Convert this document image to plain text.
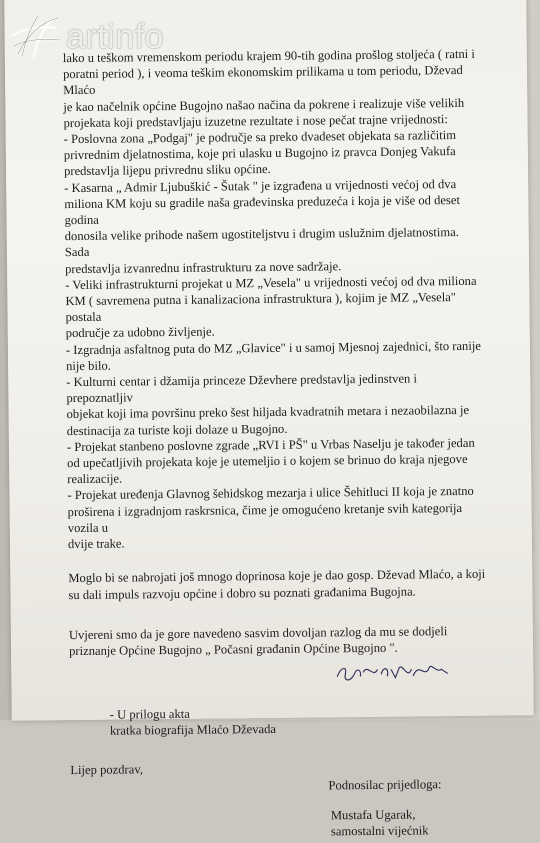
lako u teškom vremenskom periodu krajem 90-tih godina prošlog stoljeća ( ratni i

poratni period ), i veoma teškim ekonomskim prilikama u tom periodu, Dževad Mlaćo

je kao načelnik općine Bugojno našao načina da pokrene i realizuje više velikih

projekata koji predstavljaju izuzetne rezultate i nose pečat trajne vrijednosti:

- Poslovna zona „Podgaj" je područje sa preko dvadeset objekata sa različitim

privrednim djelatnostima, koje pri ulasku u Bugojno iz pravca Donjeg Vakufa

predstavlja lijepu privrednu sliku općine.

- Kasarna „ Admir Ljubuškić - Šutak " je izgrađena u vrijednosti većoj od dva

miliona KM koju su gradile naša građevinska preduzeća i koja je više od deset godina

donosila velike prihode našem ugostiteljstvu i drugim uslužnim djelatnostima. Sada

predstavlja izvanrednu infrastrukturu za nove sadržaje.

- Veliki infrastrukturni projekat u MZ „Vesela" u vrijednosti većoj od dva miliona

KM ( savremena putna i kanalizaciona infrastruktura ), kojim je MZ „Vesela" postala

područje za udobno življenje.

- Izgradnja asfaltnog puta do MZ „Glavice" i u samoj Mjesnoj zajednici, što ranije

nije bilo.

- Kulturni centar i džamija princeze Dževhere predstavlja jedinstven i prepoznatljiv

objekat koji ima površinu preko šest hiljada kvadratnih metara i nezaobilazna je

destinacija za turiste koji dolaze u Bugojno.

- Projekat stanbeno poslovne zgrade „RVI i PŠ" u Vrbas Naselju je također jedan

od upečatljivih projekata koje je utemeljio i o kojem se brinuo do kraja njegove

realizacije.

- Projekat uređenja Glavnog šehidskog mezarja i ulice Šehitluci II koja je znatno

proširena i izgradnjom raskrsnica, čime je omogućeno kretanje svih kategorija vozila u

dvije trake.

Moglo bi se nabrojati još mnogo doprinosa koje je dao gosp. Dževad Mlaćo, a koji

su dali impuls razvoju općine i dobro su poznati građanima Bugojna.

Uvjereni smo da je gore navedeno sasvim dovoljan razlog da mu se dodjeli

priznanje Općine Bugojno „ Počasni građanin Općine Bugojno ".

- U prilogu akta

kratka biografija Mlaćo Dževada

Lijep pozdrav,

Podnosilac prijedloga:

Mustafa Ugarak,

samostalni vijećnik

artinfo
